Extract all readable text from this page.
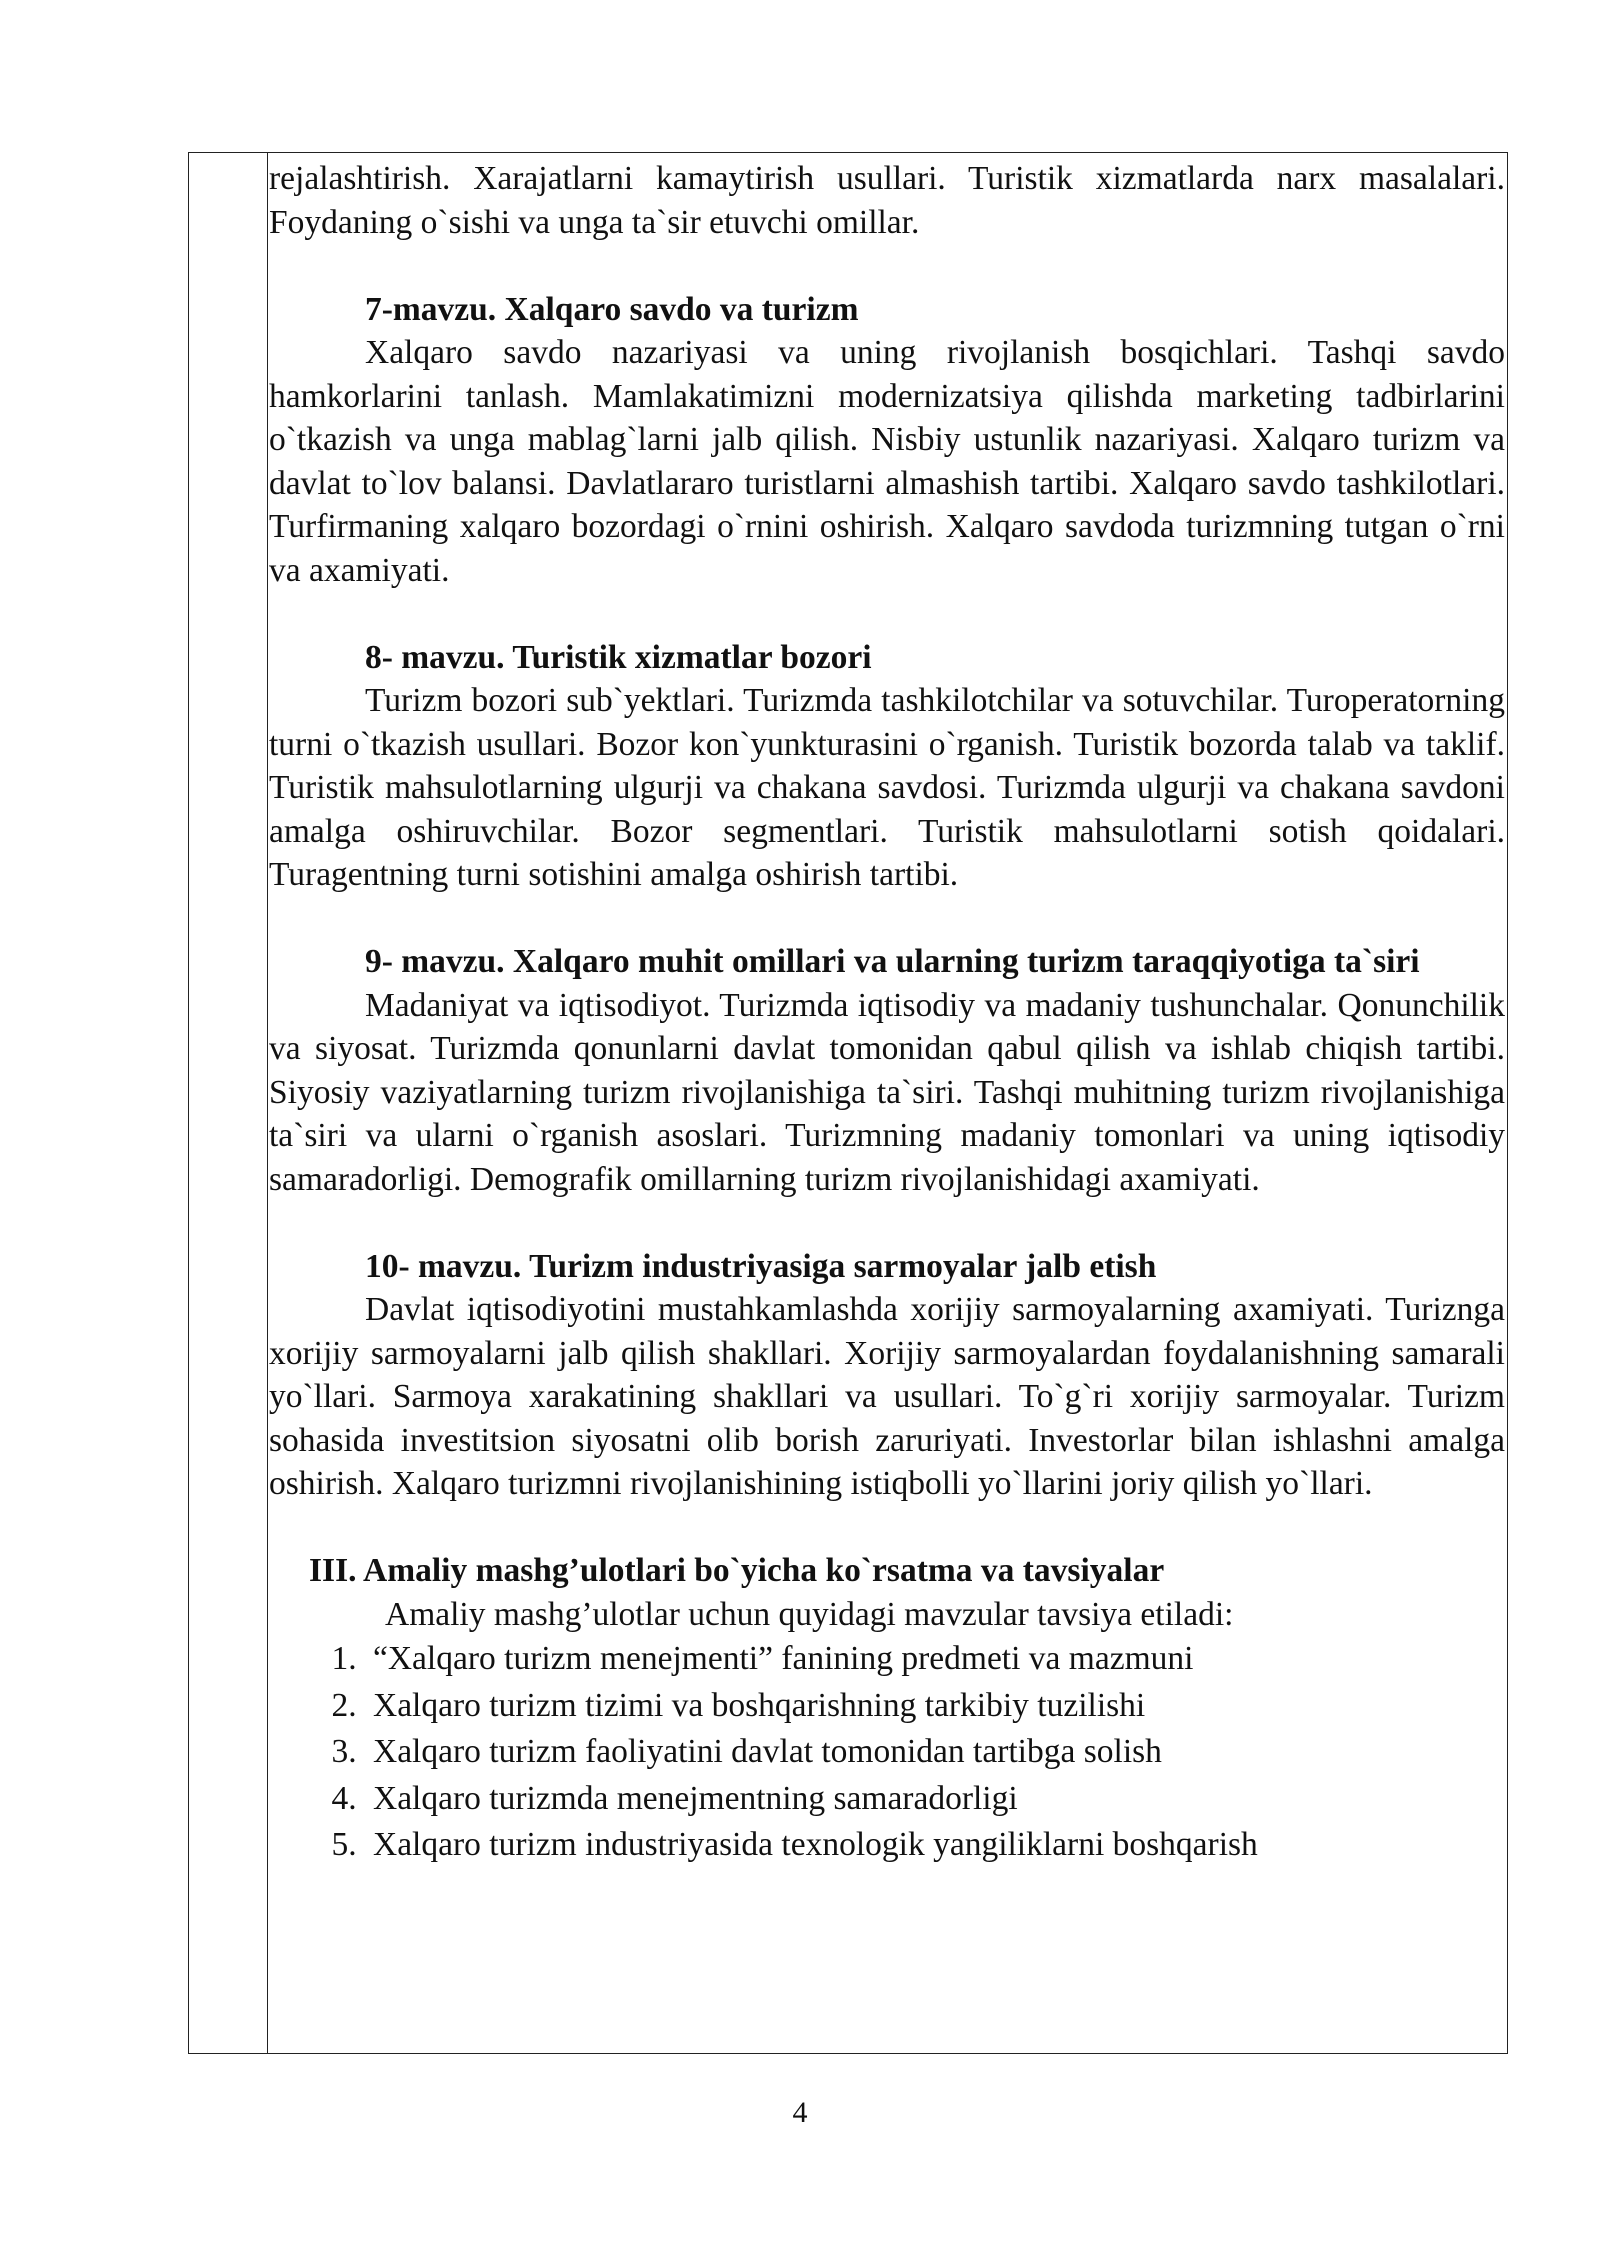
rejalashtirish. Xarajatlarni kamaytirish usullari. Turistik xizmatlarda narx masalalari. Foydaning o`sishi va unga ta`sir etuvchi omillar.

7-mavzu. Xalqaro savdo va turizm

Xalqaro savdo nazariyasi va uning rivojlanish bosqichlari. Tashqi savdo hamkorlarini tanlash. Mamlakatimizni modernizatsiya qilishda marketing tadbirlarini o`tkazish va unga mablag`larni jalb qilish. Nisbiy ustunlik nazariyasi. Xalqaro turizm va davlat to`lov balansi. Davlatlararo turistlarni almashish tartibi. Xalqaro savdo tashkilotlari. Turfirmaning xalqaro bozordagi o`rnini oshirish. Xalqaro savdoda turizmning tutgan o`rni va axamiyati.

8- mavzu. Turistik xizmatlar bozori

Turizm bozori sub`yektlari. Turizmda tashkilotchilar va sotuvchilar. Turoperatorning turni o`tkazish usullari. Bozor kon`yunkturasini o`rganish. Turistik bozorda talab va taklif. Turistik mahsulotlarning ulgurji va chakana savdosi. Turizmda ulgurji va chakana savdoni amalga oshiruvchilar. Bozor segmentlari. Turistik mahsulotlarni sotish qoidalari. Turagentning turni sotishini amalga oshirish tartibi.

9- mavzu. Xalqaro muhit omillari va ularning turizm taraqqiyotiga ta`siri

Madaniyat va iqtisodiyot. Turizmda iqtisodiy va madaniy tushunchalar. Qonunchilik va siyosat. Turizmda qonunlarni davlat tomonidan qabul qilish va ishlab chiqish tartibi. Siyosiy vaziyatlarning turizm rivojlanishiga ta`siri. Tashqi muhitning turizm rivojlanishiga ta`siri va ularni o`rganish asoslari. Turizmning madaniy tomonlari va uning iqtisodiy samaradorligi. Demografik omillarning turizm rivojlanishidagi axamiyati.

10- mavzu. Turizm industriyasiga sarmoyalar jalb etish

Davlat iqtisodiyotini mustahkamlashda xorijiy sarmoyalarning axamiyati. Turiznga xorijiy sarmoyalarni jalb qilish shakllari. Xorijiy sarmoyalardan foydalanishning samarali yo`llari. Sarmoya xarakatining shakllari va usullari. To`g`ri xorijiy sarmoyalar. Turizm sohasida investitsion siyosatni olib borish zaruriyati. Investorlar bilan ishlashni amalga oshirish. Xalqaro turizmni rivojlanishining istiqbolli yo`llarini joriy qilish yo`llari.

III. Amaliy mashg’ulotlari bo`yicha ko`rsatma va tavsiyalar

Amaliy mashg’ulotlar uchun quyidagi mavzular tavsiya etiladi:

1. “Xalqaro turizm menejmenti” fanining predmeti va mazmuni
2. Xalqaro turizm tizimi va boshqarishning tarkibiy tuzilishi
3. Xalqaro turizm faoliyatini davlat tomonidan tartibga solish
4. Xalqaro turizmda menejmentning samaradorligi
5. Xalqaro turizm industriyasida texnologik yangiliklarni boshqarish
4
